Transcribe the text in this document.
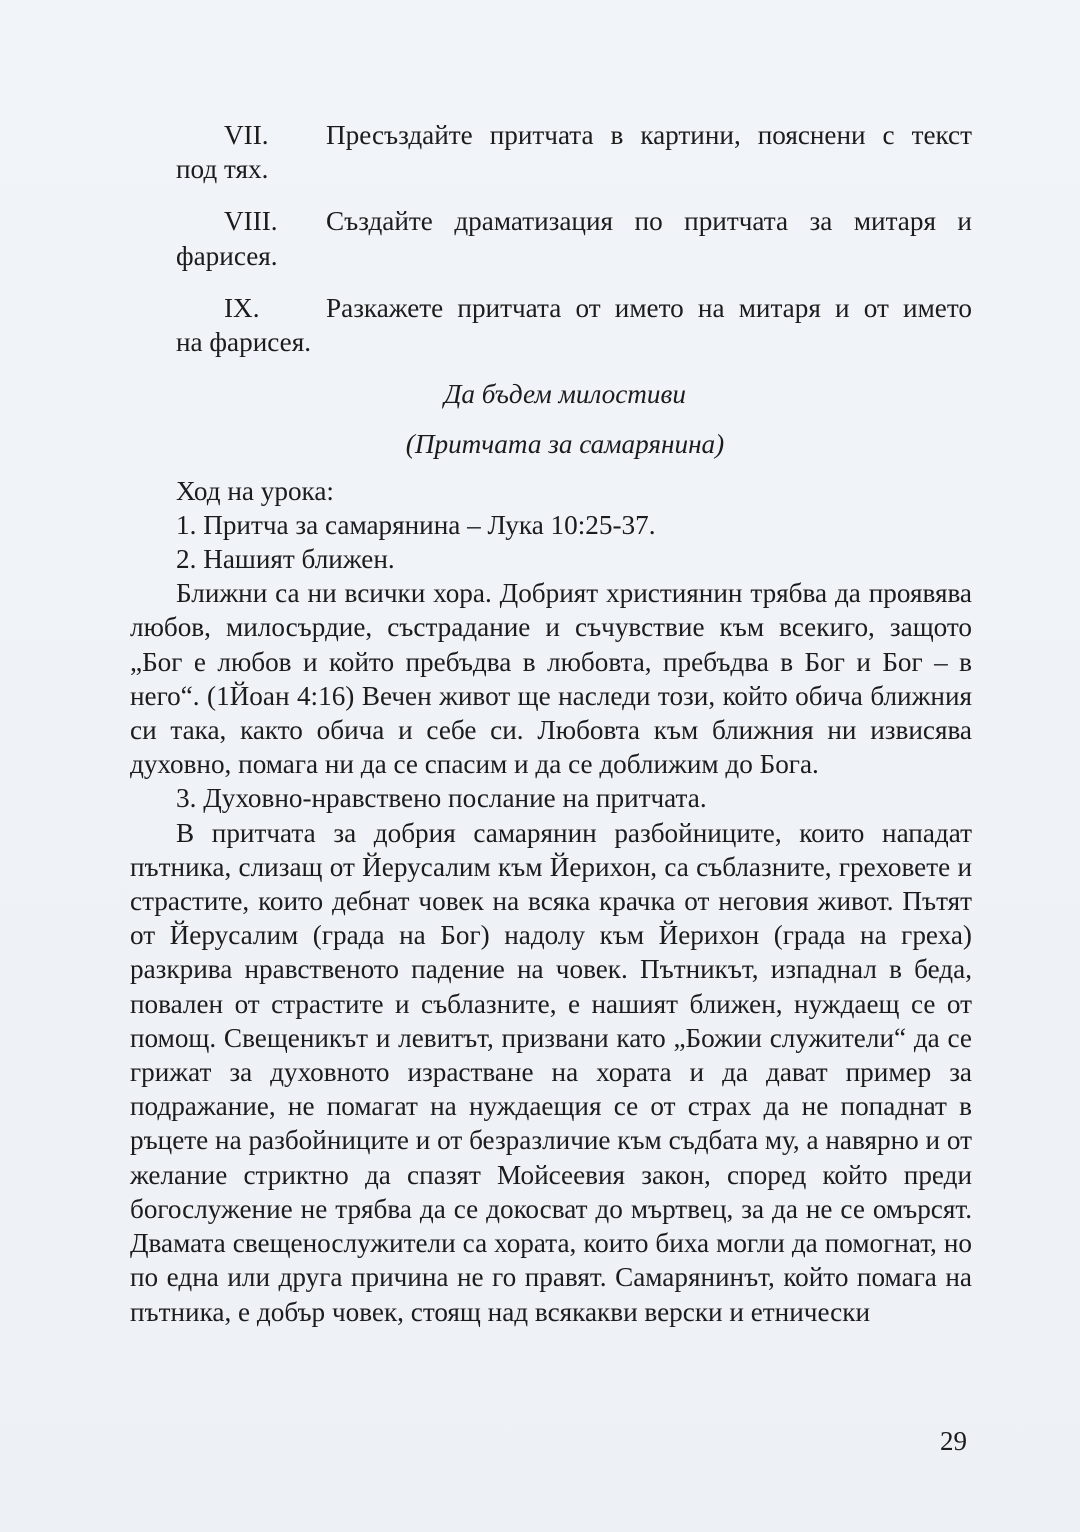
VII. Пресъздайте притчата в картини, пояснени с текст
под тях.
VIII. Създайте драматизация по притчата за митаря и
фарисея.
IX. Разкажете притчата от името на митаря и от името
на фарисея.

Да бъдем милостиви

(Притчата за самарянина)

Ход на урока:

1. Притча за самарянина – Лука 10:25-37.

2. Нашият ближен.

Ближни са ни всички хора. Добрият християнин трябва да проявява любов, милосърдие, състрадание и съчувствие към всекиго, защото „Бог е любов и който пребъдва в любовта, пребъдва в Бог и Бог – в него“. (1Йоан 4:16) Вечен живот ще наследи този, който обича ближния си така, както обича и себе си. Любовта към ближния ни извисява духовно, помага ни да се спасим и да се доближим до Бога.

3. Духовно-нравствено послание на притчата.

В притчата за добрия самарянин разбойниците, които нападат пътника, слизащ от Йерусалим към Йерихон, са съблазните, греховете и страстите, които дебнат човек на всяка крачка от неговия живот. Пътят от Йерусалим (града на Бог) надолу към Йерихон (града на греха) разкрива нравственото падение на човек. Пътникът, изпаднал в беда, повален от страстите и съблазните, е нашият ближен, нуждаещ се от помощ. Свещеникът и левитът, призвани като „Божии служители“ да се грижат за духовното израстване на хората и да дават пример за подражание, не помагат на нуждаещия се от страх да не попаднат в ръцете на разбойниците и от безразличие към съдбата му, а навярно и от желание стриктно да спазят Мойсеевия закон, според който преди богослужение не трябва да се докосват до мъртвец, за да не се омърсят. Двамата свещенослужители са хората, които биха могли да помогнат, но по една или друга причина не го правят. Самарянинът, който помага на пътника, е добър човек, стоящ над всякакви верски и етнически

29
